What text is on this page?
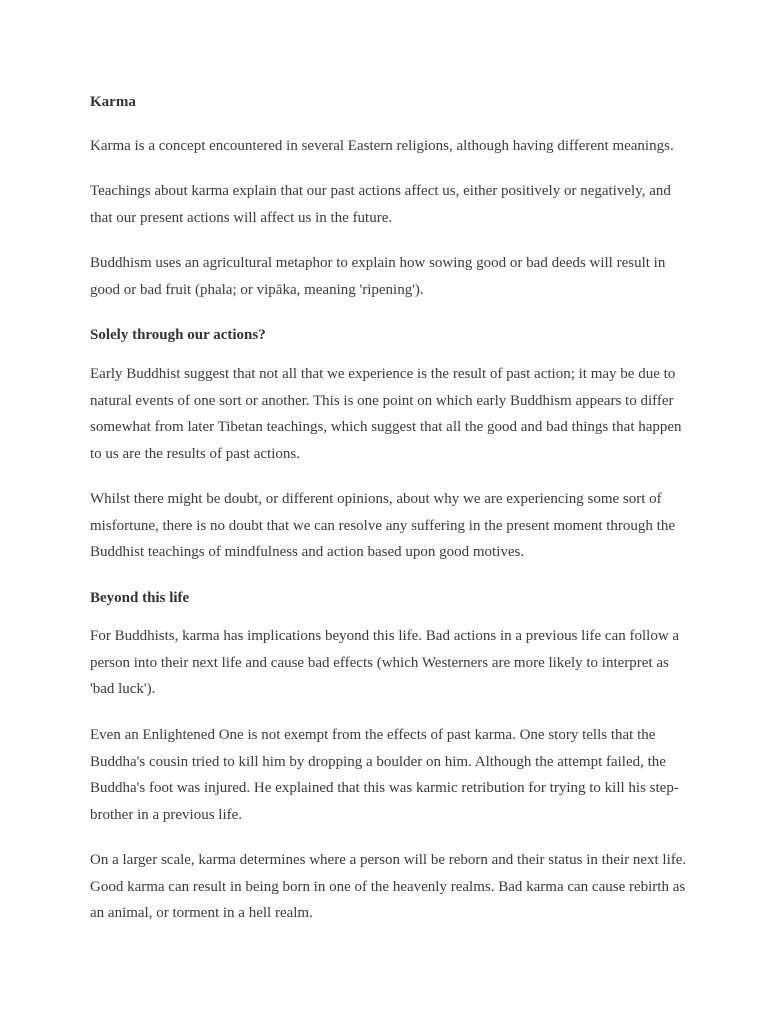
Karma

Karma is a concept encountered in several Eastern religions, although having different meanings.

Teachings about karma explain that our past actions affect us, either positively or negatively, and that our present actions will affect us in the future.

Buddhism uses an agricultural metaphor to explain how sowing good or bad deeds will result in good or bad fruit (phala; or vipāka, meaning 'ripening').

Solely through our actions?

Early Buddhist suggest that not all that we experience is the result of past action; it may be due to natural events of one sort or another. This is one point on which early Buddhism appears to differ somewhat from later Tibetan teachings, which suggest that all the good and bad things that happen to us are the results of past actions.

Whilst there might be doubt, or different opinions, about why we are experiencing some sort of misfortune, there is no doubt that we can resolve any suffering in the present moment through the Buddhist teachings of mindfulness and action based upon good motives.

Beyond this life

For Buddhists, karma has implications beyond this life. Bad actions in a previous life can follow a person into their next life and cause bad effects (which Westerners are more likely to interpret as 'bad luck').

Even an Enlightened One is not exempt from the effects of past karma. One story tells that the Buddha's cousin tried to kill him by dropping a boulder on him. Although the attempt failed, the Buddha's foot was injured. He explained that this was karmic retribution for trying to kill his step-brother in a previous life.

On a larger scale, karma determines where a person will be reborn and their status in their next life. Good karma can result in being born in one of the heavenly realms. Bad karma can cause rebirth as an animal, or torment in a hell realm.
